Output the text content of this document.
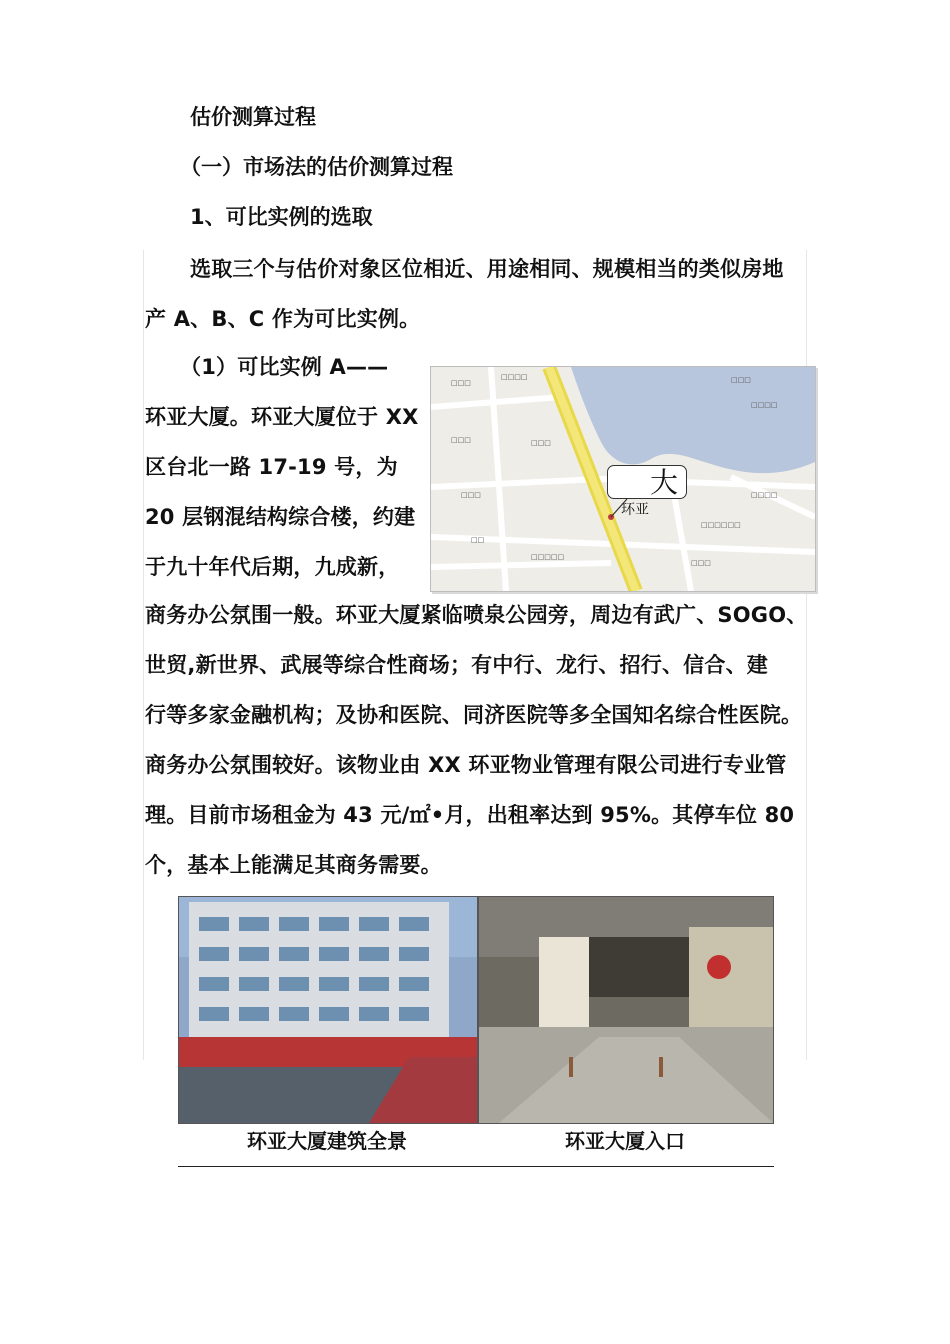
估价测算过程
（一）市场法的估价测算过程
1、可比实例的选取
选取三个与估价对象区位相近、用途相同、规模相当的类似房地
产 A、B、C 作为可比实例。
（1）可比实例 A——
环亚大厦。环亚大厦位于 XX
区台北一路 17-19 号，为
20 层钢混结构综合楼，约建
于九十年代后期，九成新，
商务办公氛围一般。环亚大厦紧临喷泉公园旁，周边有武广、SOGO、
世贸,新世界、武展等综合性商场；有中行、龙行、招行、信合、建
行等多家金融机构；及协和医院、同济医院等多全国知名综合性医院。
商务办公氛围较好。该物业由 XX 环亚物业管理有限公司进行专业管
理。目前市场租金为 43 元/㎡•月，出租率达到 95%。其停车位 80
个，基本上能满足其商务需要。
□□□
□□□□	□□□
□□□□
□□□	□□□
□□□	□□□□
□□□□□□
□□
□□□□□
□□□
大
环亚
环亚大厦建筑全景	环亚大厦入口
